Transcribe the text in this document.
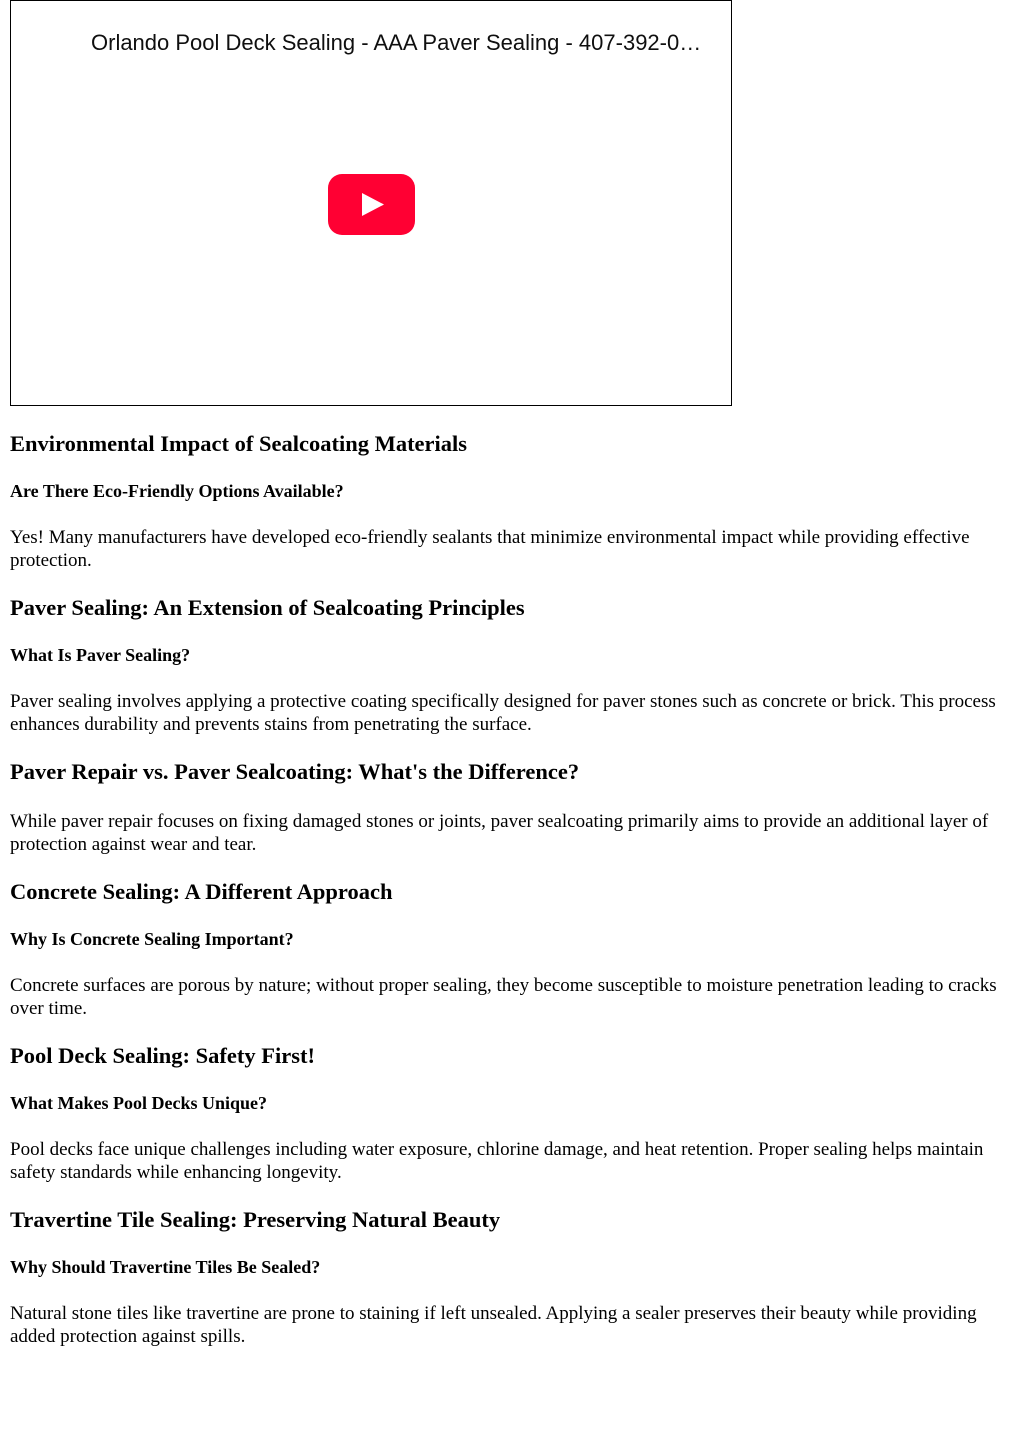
Orlando Pool Deck Sealing - AAA Paver Sealing - 407-392-0…
Environmental Impact of Sealcoating Materials
Are There Eco-Friendly Options Available?

Yes! Many manufacturers have developed eco-friendly sealants that minimize environmental impact while providing effective protection.

Paver Sealing: An Extension of Sealcoating Principles
What Is Paver Sealing?

Paver sealing involves applying a protective coating specifically designed for paver stones such as concrete or brick. This process enhances durability and prevents stains from penetrating the surface.

Paver Repair vs. Paver Sealcoating: What's the Difference?

While paver repair focuses on fixing damaged stones or joints, paver sealcoating primarily aims to provide an additional layer of protection against wear and tear.

Concrete Sealing: A Different Approach
Why Is Concrete Sealing Important?

Concrete surfaces are porous by nature; without proper sealing, they become susceptible to moisture penetration leading to cracks over time.

Pool Deck Sealing: Safety First!
What Makes Pool Decks Unique?

Pool decks face unique challenges including water exposure, chlorine damage, and heat retention. Proper sealing helps maintain safety standards while enhancing longevity.

Travertine Tile Sealing: Preserving Natural Beauty
Why Should Travertine Tiles Be Sealed?

Natural stone tiles like travertine are prone to staining if left unsealed. Applying a sealer preserves their beauty while providing added protection against spills.
